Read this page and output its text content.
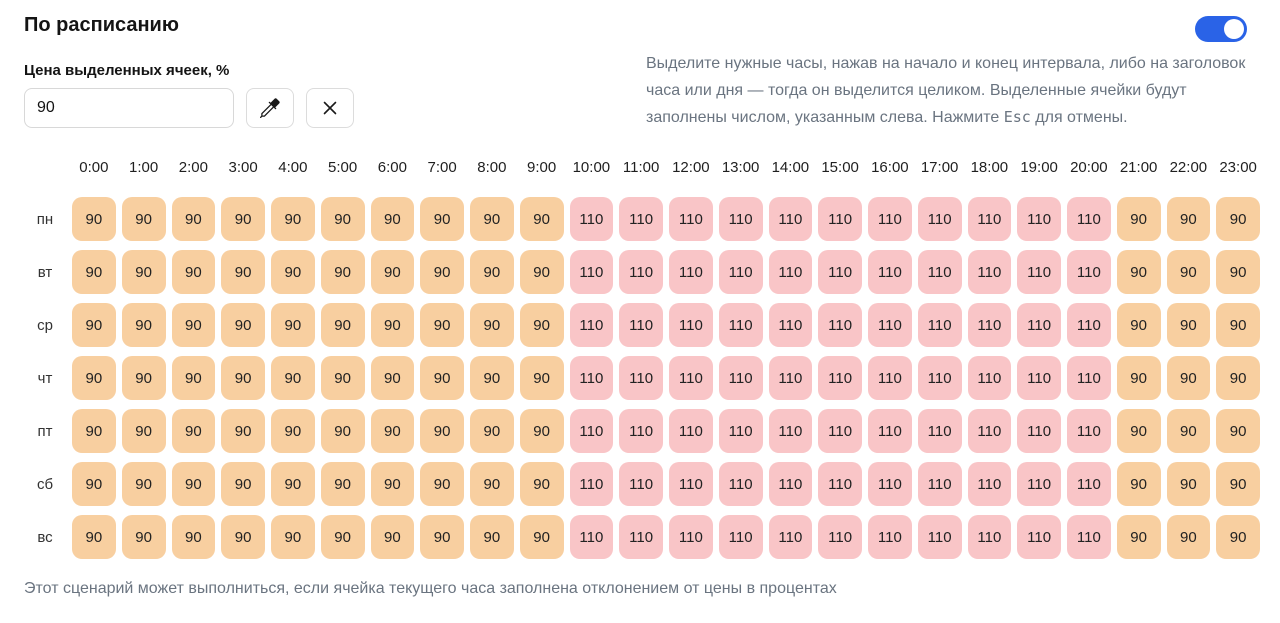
По расписанию
Цена выделенных ячеек, %
90	Выделите нужные часы, нажав на начало и конец интервала, либо на заголовок часа или дня — тогда он выделится целиком. Выделенные ячейки будут заполнены числом, указанным слева. Нажмите Esc для отмены.
0:00	1:00	2:00	3:00	4:00	5:00	6:00	7:00	8:00	9:00	10:00 11:00 12:00 13:00 14:00 15:00 16:00 17:00 18:00 19:00 20:00 21:00 22:00 23:00
пн	90	90	90	90	90	90	90	90	90	90	110	110	110	110	110	110	110	110	110	110	110	90	90	90
вт	90	90	90	90	90	90	90	90	90	90	110	110	110	110	110	110	110	110	110	110	110	90	90	90
ср	90	90	90	90	90	90	90	90	90	90	110	110	110	110	110	110	110	110	110	110	110	90	90	90
чт	90	90	90	90	90	90	90	90	90	90	110	110	110	110	110	110	110	110	110	110	110	90	90	90
пт	90	90	90	90	90	90	90	90	90	90	110	110	110	110	110	110	110	110	110	110	110	90	90	90
сб	90	90	90	90	90	90	90	90	90	90	110	110	110	110	110	110	110	110	110	110	110	90	90	90
вс	90	90	90	90	90	90	90	90	90	90	110	110	110	110	110	110	110	110	110	110	110	90	90	90
Этот сценарий может выполниться, если ячейка текущего часа заполнена отклонением от цены в процентах
